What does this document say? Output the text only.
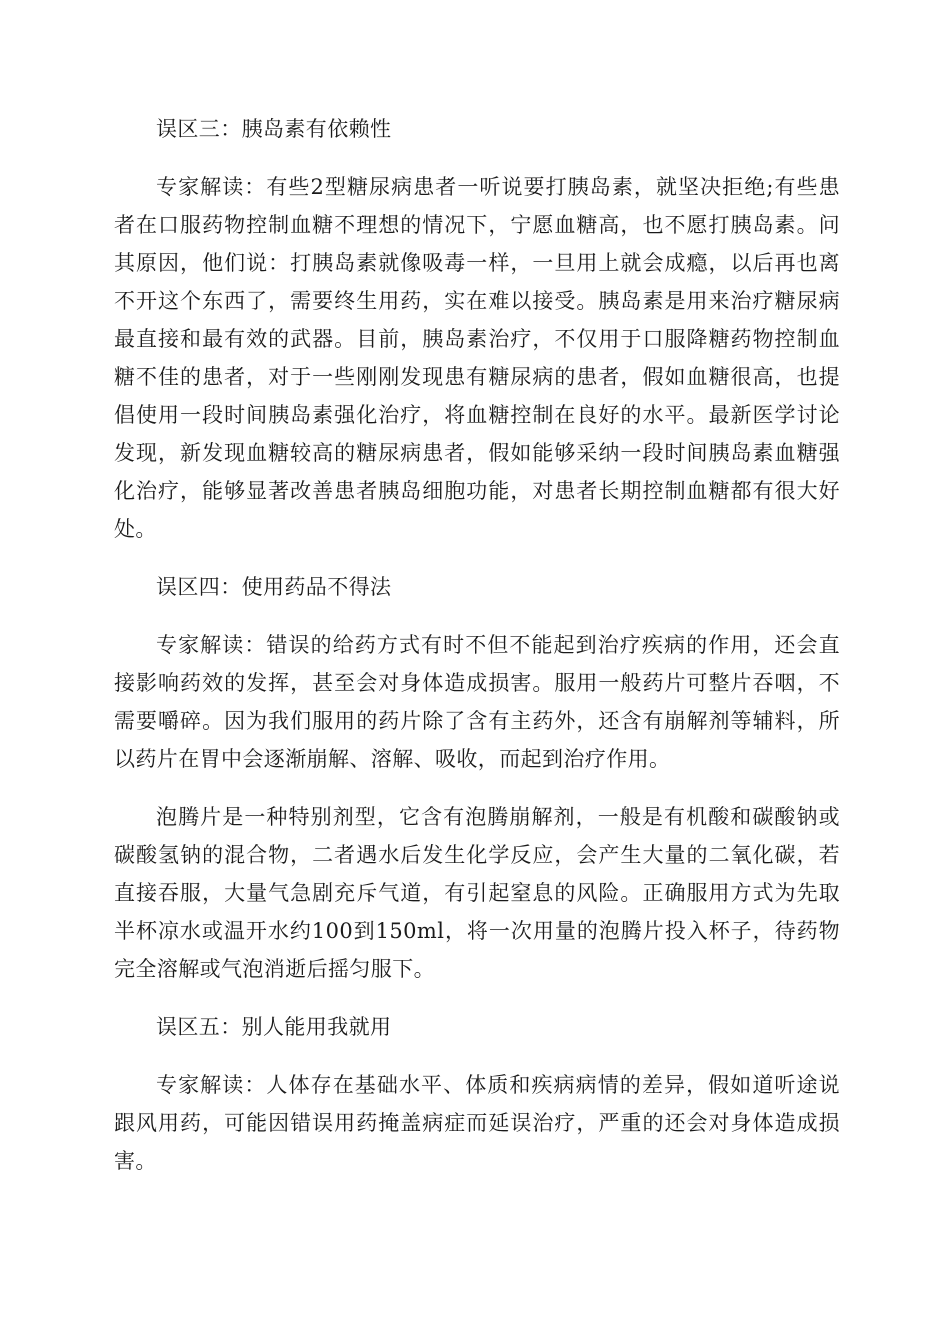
误区三：胰岛素有依赖性

专家解读：有些2型糖尿病患者一听说要打胰岛素，就坚决拒绝;有些患者在口服药物控制血糖不理想的情况下，宁愿血糖高，也不愿打胰岛素。问其原因，他们说：打胰岛素就像吸毒一样，一旦用上就会成瘾，以后再也离不开这个东西了，需要终生用药，实在难以接受。胰岛素是用来治疗糖尿病最直接和最有效的武器。目前，胰岛素治疗，不仅用于口服降糖药物控制血糖不佳的患者，对于一些刚刚发现患有糖尿病的患者，假如血糖很高，也提倡使用一段时间胰岛素强化治疗，将血糖控制在良好的水平。最新医学讨论发现，新发现血糖较高的糖尿病患者，假如能够采纳一段时间胰岛素血糖强化治疗，能够显著改善患者胰岛细胞功能，对患者长期控制血糖都有很大好处。

误区四：使用药品不得法

专家解读：错误的给药方式有时不但不能起到治疗疾病的作用，还会直接影响药效的发挥，甚至会对身体造成损害。服用一般药片可整片吞咽，不需要嚼碎。因为我们服用的药片除了含有主药外，还含有崩解剂等辅料，所以药片在胃中会逐渐崩解、溶解、吸收，而起到治疗作用。

泡腾片是一种特别剂型，它含有泡腾崩解剂，一般是有机酸和碳酸钠或碳酸氢钠的混合物，二者遇水后发生化学反应，会产生大量的二氧化碳，若直接吞服，大量气急剧充斥气道，有引起窒息的风险。正确服用方式为先取半杯凉水或温开水约100到150ml，将一次用量的泡腾片投入杯子，待药物完全溶解或气泡消逝后摇匀服下。

误区五：别人能用我就用

专家解读：人体存在基础水平、体质和疾病病情的差异，假如道听途说跟风用药，可能因错误用药掩盖病症而延误治疗，严重的还会对身体造成损害。
